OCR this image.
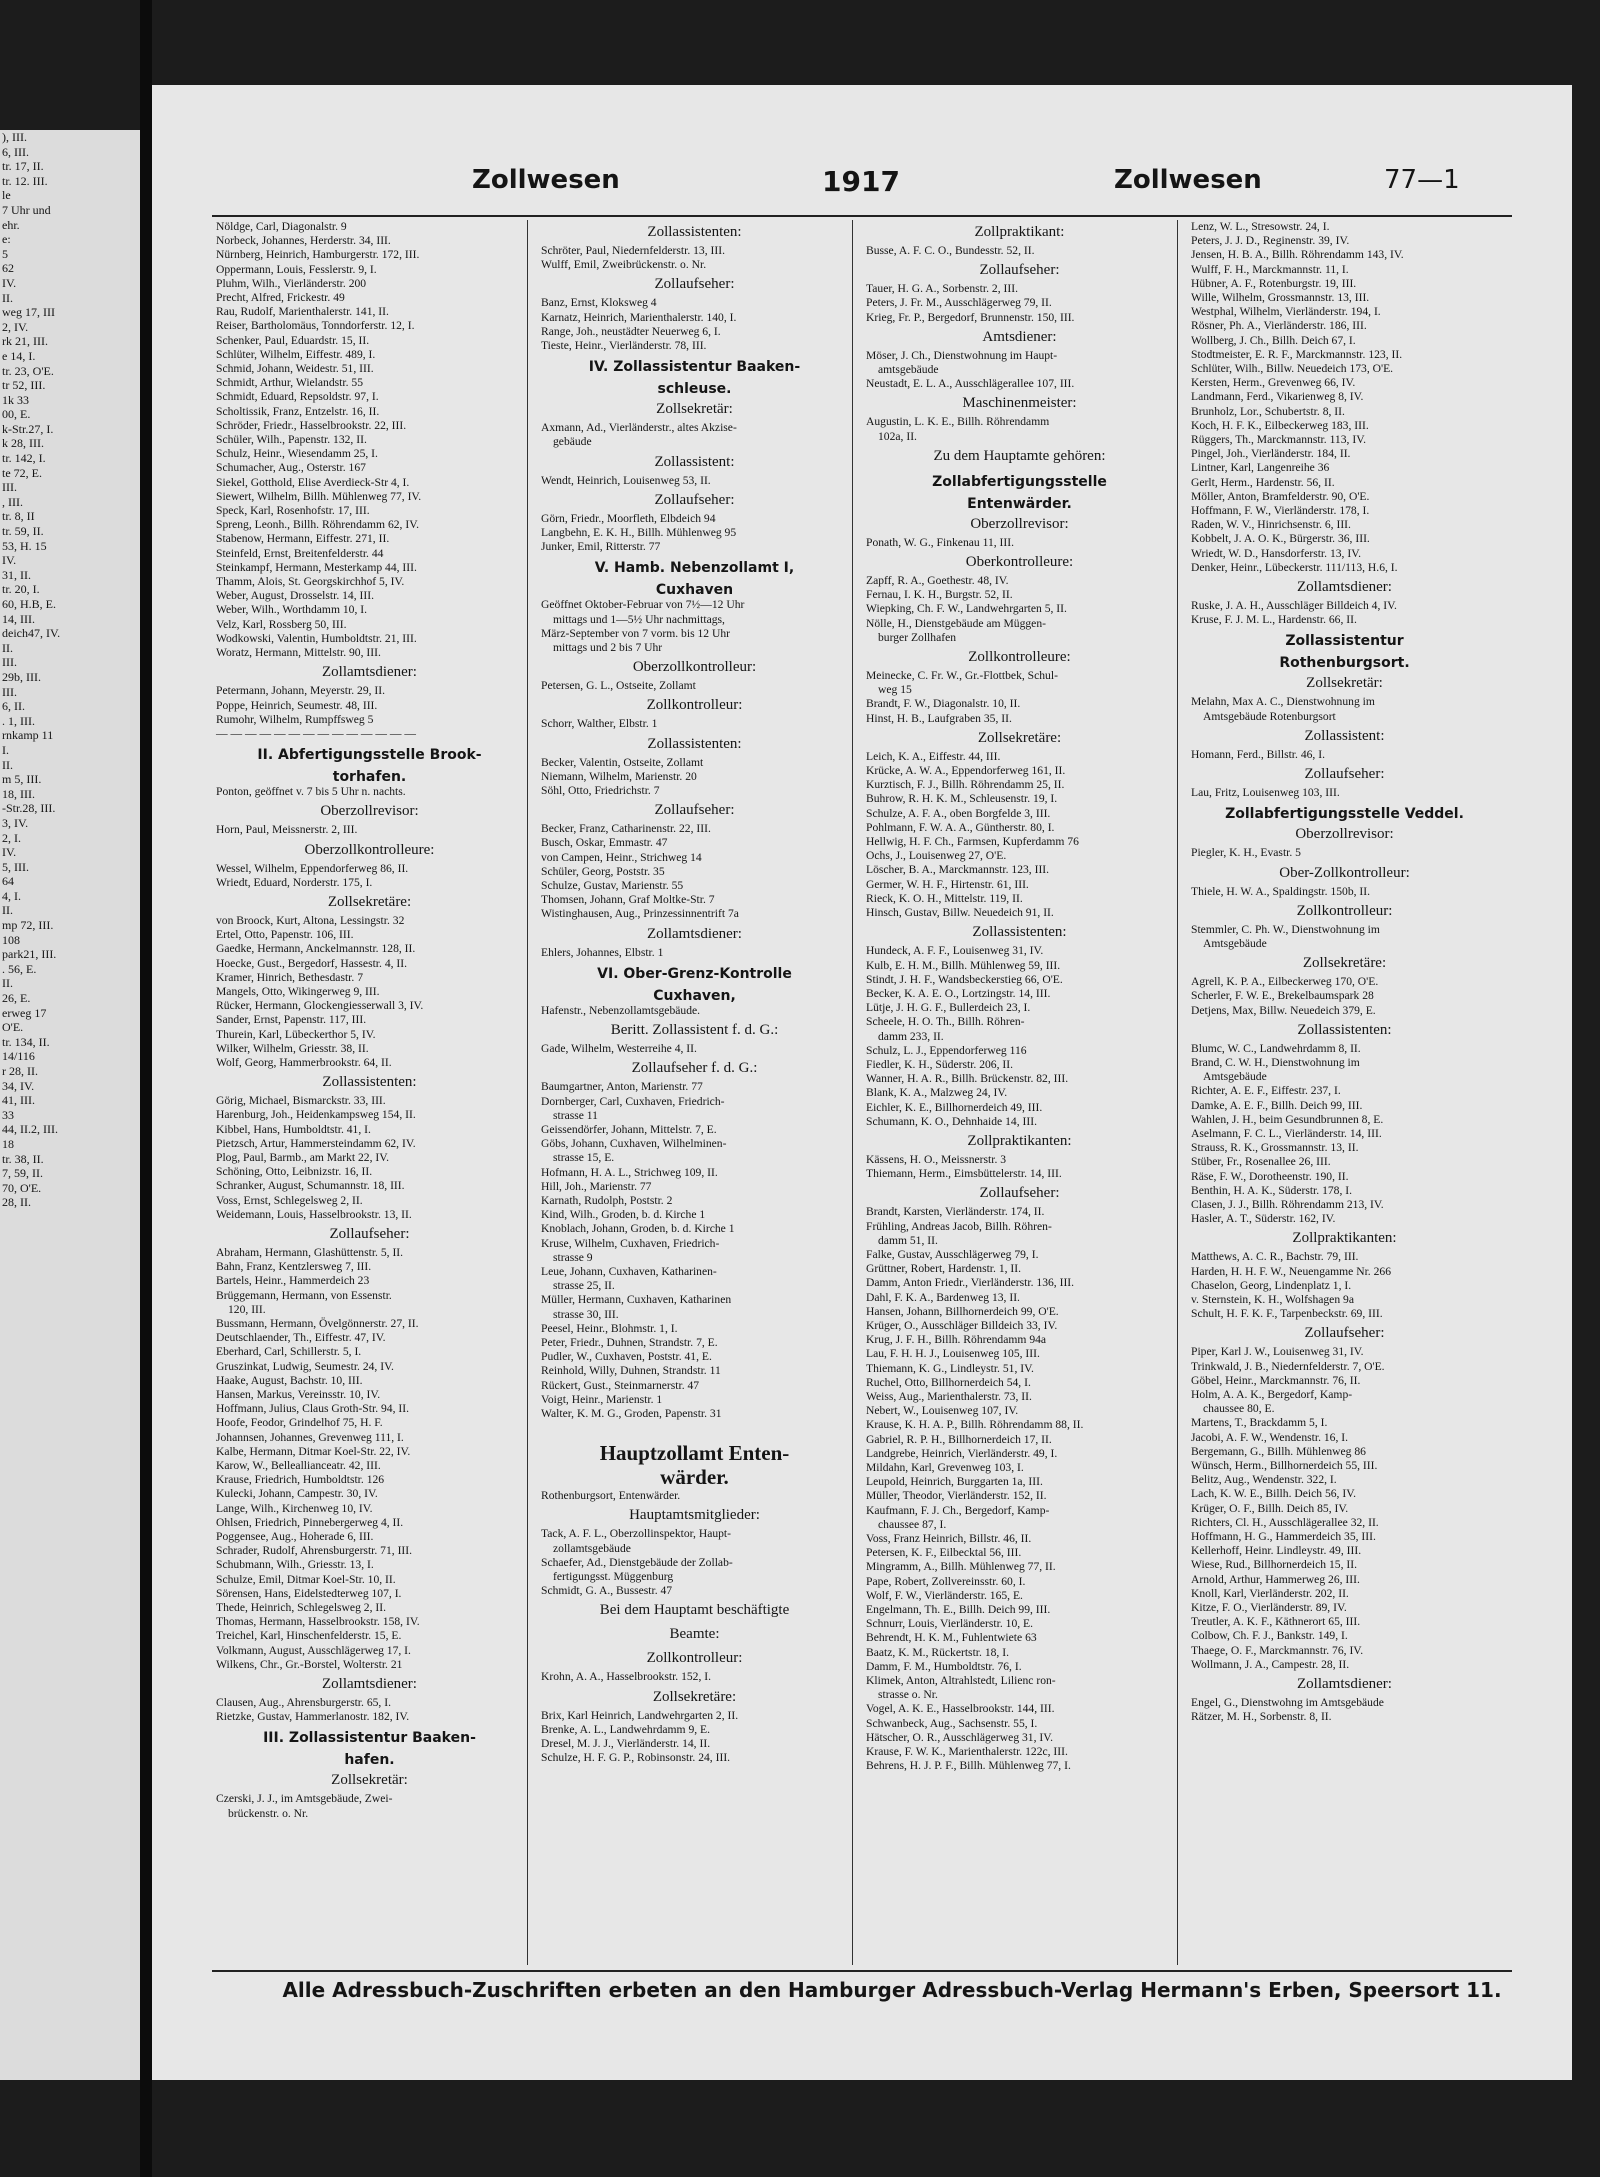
), III.
6, III.
tr. 17, II.
tr. 12. III.
le
7 Uhr und
ehr.
e:
5
62
IV.
II.
weg 17, III
2, IV.
rk 21, III.
e 14, I.
tr. 23, O'E.
tr 52, III.
1k 33
00, E.
k-Str.27, I.
k 28, III.
tr. 142, I.
te 72, E.
III.
, III.
tr. 8, II
tr. 59, II.
53, H. 15
IV.
31, II.
tr. 20, I.
60, H.B, E.
14, III.
deich47, IV.
II.
III.
29b, III.
III.
6, II.
. 1, III.
rnkamp 11
I.
II.
m 5, III.
18, III.
-Str.28, III.
3, IV.
2, I.
IV.
5, III.
64
4, I.
II.
mp 72, III.
108
park21, III.
. 56, E.
II.
26, E.
erweg 17
O'E.
tr. 134, II.
14/116
r 28, II.
34, IV.
41, III.
33
44, II.2, III.
18
tr. 38, II.
7, 59, II.
70, O'E.
28, II.
Zollwesen	1917	Zollwesen	77—1
Nöldge, Carl, Diagonalstr. 9
Norbeck, Johannes, Herderstr. 34, III.
Nürnberg, Heinrich, Hamburgerstr. 172, III.
Oppermann, Louis, Fesslerstr. 9, I.
Pluhm, Wilh., Vierländerstr. 200
Precht, Alfred, Frickestr. 49
Rau, Rudolf, Marienthalerstr. 141, II.
Reiser, Bartholomäus, Tonndorferstr. 12, I.
Schenker, Paul, Eduardstr. 15, II.
Schlüter, Wilhelm, Eiffestr. 489, I.
Schmid, Johann, Weidestr. 51, III.
Schmidt, Arthur, Wielandstr. 55
Schmidt, Eduard, Repsoldstr. 97, I.
Scholtissik, Franz, Entzelstr. 16, II.
Schröder, Friedr., Hasselbrookstr. 22, III.
Schüler, Wilh., Papenstr. 132, II.
Schulz, Heinr., Wiesendamm 25, I.
Schumacher, Aug., Osterstr. 167
Siekel, Gotthold, Elise Averdieck-Str 4, I.
Siewert, Wilhelm, Billh. Mühlenweg 77, IV.
Speck, Karl, Rosenhofstr. 17, III.
Spreng, Leonh., Billh. Röhrendamm 62, IV.
Stabenow, Hermann, Eiffestr. 271, II.
Steinfeld, Ernst, Breitenfelderstr. 44
Steinkampf, Hermann, Mesterkamp 44, III.
Thamm, Alois, St. Georgskirchhof 5, IV.
Weber, August, Drosselstr. 14, III.
Weber, Wilh., Worthdamm 10, I.
Velz, Karl, Rossberg 50, III.
Wodkowski, Valentin, Humboldtstr. 21, III.
Woratz, Hermann, Mittelstr. 90, III.
Zollamtsdiener:
Petermann, Johann, Meyerstr. 29, II.
Poppe, Heinrich, Seumestr. 48, III.
Rumohr, Wilhelm, Rumpffsweg 5
— — — — — — — — — — — — — —
II. Abfertigungsstelle Brook-
torhafen.
Ponton, geöffnet v. 7 bis 5 Uhr n. nachts.
Oberzollrevisor:
Horn, Paul, Meissnerstr. 2, III.
Oberzollkontrolleure:
Wessel, Wilhelm, Eppendorferweg 86, II.
Wriedt, Eduard, Norderstr. 175, I.
Zollsekretäre:
von Broock, Kurt, Altona, Lessingstr. 32
Ertel, Otto, Papenstr. 106, III.
Gaedke, Hermann, Anckelmannstr. 128, II.
Hoecke, Gust., Bergedorf, Hassestr. 4, II.
Kramer, Hinrich, Bethesdastr. 7
Mangels, Otto, Wikingerweg 9, III.
Rücker, Hermann, Glockengiesserwall 3, IV.
Sander, Ernst, Papenstr. 117, III.
Thurein, Karl, Lübeckerthor 5, IV.
Wilker, Wilhelm, Griesstr. 38, II.
Wolf, Georg, Hammerbrookstr. 64, II.
Zollassistenten:
Görig, Michael, Bismarckstr. 33, III.
Harenburg, Joh., Heidenkampsweg 154, II.
Kibbel, Hans, Humboldtstr. 41, I.
Pietzsch, Artur, Hammersteindamm 62, IV.
Plog, Paul, Barmb., am Markt 22, IV.
Schöning, Otto, Leibnizstr. 16, II.
Schranker, August, Schumannstr. 18, III.
Voss, Ernst, Schlegelsweg 2, II.
Weidemann, Louis, Hasselbrookstr. 13, II.
Zollaufseher:
Abraham, Hermann, Glashüttenstr. 5, II.
Bahn, Franz, Kentzlersweg 7, III.
Bartels, Heinr., Hammerdeich 23
Brüggemann, Hermann, von Essenstr.
120, III.
Bussmann, Hermann, Övelgönnerstr. 27, II.
Deutschlaender, Th., Eiffestr. 47, IV.
Eberhard, Carl, Schillerstr. 5, I.
Gruszinkat, Ludwig, Seumestr. 24, IV.
Haake, August, Bachstr. 10, III.
Hansen, Markus, Vereinsstr. 10, IV.
Hoffmann, Julius, Claus Groth-Str. 94, II.
Hoofe, Feodor, Grindelhof 75, H. F.
Johannsen, Johannes, Grevenweg 111, I.
Kalbe, Hermann, Ditmar Koel-Str. 22, IV.
Karow, W., Belleallianceatr. 42, III.
Krause, Friedrich, Humboldtstr. 126
Kulecki, Johann, Campestr. 30, IV.
Lange, Wilh., Kirchenweg 10, IV.
Ohlsen, Friedrich, Pinnebergerweg 4, II.
Poggensee, Aug., Hoherade 6, III.
Schrader, Rudolf, Ahrensburgerstr. 71, III.
Schubmann, Wilh., Griesstr. 13, I.
Schulze, Emil, Ditmar Koel-Str. 10, II.
Sörensen, Hans, Eidelstedterweg 107, I.
Thede, Heinrich, Schlegelsweg 2, II.
Thomas, Hermann, Hasselbrookstr. 158, IV.
Treichel, Karl, Hinschenfelderstr. 15, E.
Volkmann, August, Ausschlägerweg 17, I.
Wilkens, Chr., Gr.-Borstel, Wolterstr. 21
Zollamtsdiener:
Clausen, Aug., Ahrensburgerstr. 65, I.
Rietzke, Gustav, Hammerlanostr. 182, IV.
III. Zollassistentur Baaken-
hafen.
Zollsekretär:
Czerski, J. J., im Amtsgebäude, Zwei-
brückenstr. o. Nr.
Zollassistenten:
Schröter, Paul, Niedernfelderstr. 13, III.
Wulff, Emil, Zweibrückenstr. o. Nr.
Zollaufseher:
Banz, Ernst, Kloksweg 4
Karnatz, Heinrich, Marienthalerstr. 140, I.
Range, Joh., neustädter Neuerweg 6, I.
Tieste, Heinr., Vierländerstr. 78, III.
IV. Zollassistentur Baaken-
schleuse.
Zollsekretär:
Axmann, Ad., Vierländerstr., altes Akzise-
gebäude
Zollassistent:
Wendt, Heinrich, Louisenweg 53, II.
Zollaufseher:
Görn, Friedr., Moorfleth, Elbdeich 94
Langbehn, E. K. H., Billh. Mühlenweg 95
Junker, Emil, Ritterstr. 77
V. Hamb. Nebenzollamt I,
Cuxhaven
Geöffnet Oktober-Februar von 7½—12 Uhr
mittags und 1—5½ Uhr nachmittags,
März-September von 7 vorm. bis 12 Uhr
mittags und 2 bis 7 Uhr
Oberzollkontrolleur:
Petersen, G. L., Ostseite, Zollamt
Zollkontrolleur:
Schorr, Walther, Elbstr. 1
Zollassistenten:
Becker, Valentin, Ostseite, Zollamt
Niemann, Wilhelm, Marienstr. 20
Söhl, Otto, Friedrichstr. 7
Zollaufseher:
Becker, Franz, Catharinenstr. 22, III.
Busch, Oskar, Emmastr. 47
von Campen, Heinr., Strichweg 14
Schüler, Georg, Poststr. 35
Schulze, Gustav, Marienstr. 55
Thomsen, Johann, Graf Moltke-Str. 7
Wistinghausen, Aug., Prinzessinnentrift 7a
Zollamtsdiener:
Ehlers, Johannes, Elbstr. 1
VI. Ober-Grenz-Kontrolle
Cuxhaven,
Hafenstr., Nebenzollamtsgebäude.
Beritt. Zollassistent f. d. G.:
Gade, Wilhelm, Westerreihe 4, II.
Zollaufseher f. d. G.:
Baumgartner, Anton, Marienstr. 77
Dornberger, Carl, Cuxhaven, Friedrich-
strasse 11
Geissendörfer, Johann, Mittelstr. 7, E.
Göbs, Johann, Cuxhaven, Wilhelminen-
strasse 15, E.
Hofmann, H. A. L., Strichweg 109, II.
Hill, Joh., Marienstr. 77
Karnath, Rudolph, Poststr. 2
Kind, Wilh., Groden, b. d. Kirche 1
Knoblach, Johann, Groden, b. d. Kirche 1
Kruse, Wilhelm, Cuxhaven, Friedrich-
strasse 9
Leue, Johann, Cuxhaven, Katharinen-
strasse 25, II.
Müller, Hermann, Cuxhaven, Katharinen
strasse 30, III.
Peesel, Heinr., Blohmstr. 1, I.
Peter, Friedr., Duhnen, Strandstr. 7, E.
Pudler, W., Cuxhaven, Poststr. 41, E.
Reinhold, Willy, Duhnen, Strandstr. 11
Rückert, Gust., Steinmarnerstr. 47
Voigt, Heinr., Marienstr. 1
Walter, K. M. G., Groden, Papenstr. 31
Hauptzollamt Enten-
wärder.
Rothenburgsort, Entenwärder.
Hauptamtsmitglieder:
Tack, A. F. L., Oberzollinspektor, Haupt-
zollamtsgebäude
Schaefer, Ad., Dienstgebäude der Zollab-
fertigungsst. Müggenburg
Schmidt, G. A., Bussestr. 47
Bei dem Hauptamt beschäftigte
Beamte:
Zollkontrolleur:
Krohn, A. A., Hasselbrookstr. 152, I.
Zollsekretäre:
Brix, Karl Heinrich, Landwehrgarten 2, II.
Brenke, A. L., Landwehrdamm 9, E.
Dresel, M. J. J., Vierländerstr. 14, II.
Schulze, H. F. G. P., Robinsonstr. 24, III.
Zollpraktikant:
Busse, A. F. C. O., Bundesstr. 52, II.
Zollaufseher:
Tauer, H. G. A., Sorbenstr. 2, III.
Peters, J. Fr. M., Ausschlägerweg 79, II.
Krieg, Fr. P., Bergedorf, Brunnenstr. 150, III.
Amtsdiener:
Möser, J. Ch., Dienstwohnung im Haupt-
amtsgebäude
Neustadt, E. L. A., Ausschlägerallee 107, III.
Maschinenmeister:
Augustin, L. K. E., Billh. Röhrendamm
102a, II.
Zu dem Hauptamte gehören:
Zollabfertigungsstelle
Entenwärder.
Oberzollrevisor:
Ponath, W. G., Finkenau 11, III.
Oberkontrolleure:
Zapff, R. A., Goethestr. 48, IV.
Fernau, I. K. H., Burgstr. 52, II.
Wiepking, Ch. F. W., Landwehrgarten 5, II.
Nölle, H., Dienstgebäude am Müggen-
burger Zollhafen
Zollkontrolleure:
Meinecke, C. Fr. W., Gr.-Flottbek, Schul-
weg 15
Brandt, F. W., Diagonalstr. 10, II.
Hinst, H. B., Laufgraben 35, II.
Zollsekretäre:
Leich, K. A., Eiffestr. 44, III.
Krücke, A. W. A., Eppendorferweg 161, II.
Kurztisch, F. J., Billh. Röhrendamm 25, II.
Buhrow, R. H. K. M., Schleusenstr. 19, I.
Schulze, A. F. A., oben Borgfelde 3, III.
Pohlmann, F. W. A. A., Güntherstr. 80, I.
Hellwig, H. F. Ch., Farmsen, Kupferdamm 76
Ochs, J., Louisenweg 27, O'E.
Löscher, B. A., Marckmannstr. 123, III.
Germer, W. H. F., Hirtenstr. 61, III.
Rieck, K. O. H., Mittelstr. 119, II.
Hinsch, Gustav, Billw. Neuedeich 91, II.
Zollassistenten:
Hundeck, A. F. F., Louisenweg 31, IV.
Kulb, E. H. M., Billh. Mühlenweg 59, III.
Stindt, J. H. F., Wandsbeckerstieg 66, O'E.
Becker, K. A. E. O., Lortzingstr. 14, III.
Lütje, J. H. G. F., Bullerdeich 23, I.
Scheele, H. O. Th., Billh. Röhren-
damm 233, II.
Schulz, L. J., Eppendorferweg 116
Fiedler, K. H., Süderstr. 206, II.
Wanner, H. A. R., Billh. Brückenstr. 82, III.
Blank, K. A., Malzweg 24, IV.
Eichler, K. E., Billhornerdeich 49, III.
Schumann, K. O., Dehnhaide 14, III.
Zollpraktikanten:
Kässens, H. O., Meissnerstr. 3
Thiemann, Herm., Eimsbüttelerstr. 14, III.
Zollaufseher:
Brandt, Karsten, Vierländerstr. 174, II.
Frühling, Andreas Jacob, Billh. Röhren-
damm 51, II.
Falke, Gustav, Ausschlägerweg 79, I.
Grüttner, Robert, Hardenstr. 1, II.
Damm, Anton Friedr., Vierländerstr. 136, III.
Dahl, F. K. A., Bardenweg 13, II.
Hansen, Johann, Billhornerdeich 99, O'E.
Krüger, O., Ausschläger Billdeich 33, IV.
Krug, J. F. H., Billh. Röhrendamm 94a
Lau, F. H. H. J., Louisenweg 105, III.
Thiemann, K. G., Lindleystr. 51, IV.
Ruchel, Otto, Billhornerdeich 54, I.
Weiss, Aug., Marienthalerstr. 73, II.
Nebert, W., Louisenweg 107, IV.
Krause, K. H. A. P., Billh. Röhrendamm 88, II.
Gabriel, R. P. H., Billhornerdeich 17, II.
Landgrebe, Heinrich, Vierländerstr. 49, I.
Mildahn, Karl, Grevenweg 103, I.
Leupold, Heinrich, Burggarten 1a, III.
Müller, Theodor, Vierländerstr. 152, II.
Kaufmann, F. J. Ch., Bergedorf, Kamp-
chaussee 87, I.
Voss, Franz Heinrich, Billstr. 46, II.
Petersen, K. F., Eilbecktal 56, III.
Mingramm, A., Billh. Mühlenweg 77, II.
Pape, Robert, Zollvereinsstr. 60, I.
Wolf, F. W., Vierländerstr. 165, E.
Engelmann, Th. E., Billh. Deich 99, III.
Schnurr, Louis, Vierländerstr. 10, E.
Behrendt, H. K. M., Fuhlentwiete 63
Baatz, K. M., Rückertstr. 18, I.
Damm, F. M., Humboldtstr. 76, I.
Klimek, Anton, Altrahlstedt, Lilienc ron-
strasse o. Nr.
Vogel, A. K. E., Hasselbrookstr. 144, III.
Schwanbeck, Aug., Sachsenstr. 55, I.
Hätscher, O. R., Ausschlägerweg 31, IV.
Krause, F. W. K., Marienthalerstr. 122c, III.
Behrens, H. J. P. F., Billh. Mühlenweg 77, I.
Lenz, W. L., Stresowstr. 24, I.
Peters, J. J. D., Reginenstr. 39, IV.
Jensen, H. B. A., Billh. Röhrendamm 143, IV.
Wulff, F. H., Marckmannstr. 11, I.
Hübner, A. F., Rotenburgstr. 19, III.
Wille, Wilhelm, Grossmannstr. 13, III.
Westphal, Wilhelm, Vierländerstr. 194, I.
Rösner, Ph. A., Vierländerstr. 186, III.
Wollberg, J. Ch., Billh. Deich 67, I.
Stodtmeister, E. R. F., Marckmannstr. 123, II.
Schlüter, Wilh., Billw. Neuedeich 173, O'E.
Kersten, Herm., Grevenweg 66, IV.
Landmann, Ferd., Vikarienweg 8, IV.
Brunholz, Lor., Schubertstr. 8, II.
Koch, H. F. K., Eilbeckerweg 183, III.
Rüggers, Th., Marckmannstr. 113, IV.
Pingel, Joh., Vierländerstr. 184, II.
Lintner, Karl, Langenreihe 36
Gerlt, Herm., Hardenstr. 56, II.
Möller, Anton, Bramfelderstr. 90, O'E.
Hoffmann, F. W., Vierländerstr. 178, I.
Raden, W. V., Hinrichsenstr. 6, III.
Kobbelt, J. A. O. K., Bürgerstr. 36, III.
Wriedt, W. D., Hansdorferstr. 13, IV.
Denker, Heinr., Lübeckerstr. 111/113, H.6, I.
Zollamtsdiener:
Ruske, J. A. H., Ausschläger Billdeich 4, IV.
Kruse, F. J. M. L., Hardenstr. 66, II.
Zollassistentur
Rothenburgsort.
Zollsekretär:
Melahn, Max A. C., Dienstwohnung im
Amtsgebäude Rotenburgsort
Zollassistent:
Homann, Ferd., Billstr. 46, I.
Zollaufseher:
Lau, Fritz, Louisenweg 103, III.
Zollabfertigungsstelle Veddel.
Oberzollrevisor:
Piegler, K. H., Evastr. 5
Ober-Zollkontrolleur:
Thiele, H. W. A., Spaldingstr. 150b, II.
Zollkontrolleur:
Stemmler, C. Ph. W., Dienstwohnung im
Amtsgebäude
Zollsekretäre:
Agrell, K. P. A., Eilbeckerweg 170, O'E.
Scherler, F. W. E., Brekelbaumspark 28
Detjens, Max, Billw. Neuedeich 379, E.
Zollassistenten:
Blumc, W. C., Landwehrdamm 8, II.
Brand, C. W. H., Dienstwohnung im
Amtsgebäude
Richter, A. E. F., Eiffestr. 237, I.
Damke, A. E. F., Billh. Deich 99, III.
Wahlen, J. H., beim Gesundbrunnen 8, E.
Aselmann, F. C. L., Vierländerstr. 14, III.
Strauss, R. K., Grossmannstr. 13, II.
Stüber, Fr., Rosenallee 26, III.
Räse, F. W., Dorotheenstr. 190, II.
Benthin, H. A. K., Süderstr. 178, I.
Clasen, J. J., Billh. Röhrendamm 213, IV.
Hasler, A. T., Süderstr. 162, IV.
Zollpraktikanten:
Matthews, A. C. R., Bachstr. 79, III.
Harden, H. H. F. W., Neuengamme Nr. 266
Chaselon, Georg, Lindenplatz 1, I.
v. Sternstein, K. H., Wolfshagen 9a
Schult, H. F. K. F., Tarpenbeckstr. 69, III.
Zollaufseher:
Piper, Karl J. W., Louisenweg 31, IV.
Trinkwald, J. B., Niedernfelderstr. 7, O'E.
Göbel, Heinr., Marckmannstr. 76, II.
Holm, A. A. K., Bergedorf, Kamp-
chaussee 80, E.
Martens, T., Brackdamm 5, I.
Jacobi, A. F. W., Wendenstr. 16, I.
Bergemann, G., Billh. Mühlenweg 86
Wünsch, Herm., Billhornerdeich 55, III.
Belitz, Aug., Wendenstr. 322, I.
Lach, K. W. E., Billh. Deich 56, IV.
Krüger, O. F., Billh. Deich 85, IV.
Richters, Cl. H., Ausschlägerallee 32, II.
Hoffmann, H. G., Hammerdeich 35, III.
Kellerhoff, Heinr. Lindleystr. 49, III.
Wiese, Rud., Billhornerdeich 15, II.
Arnold, Arthur, Hammerweg 26, III.
Knoll, Karl, Vierländerstr. 202, II.
Kitze, F. O., Vierländerstr. 89, IV.
Treutler, A. K. F., Käthnerort 65, III.
Colbow, Ch. F. J., Bankstr. 149, I.
Thaege, O. F., Marckmannstr. 76, IV.
Wollmann, J. A., Campestr. 28, II.
Zollamtsdiener:
Engel, G., Dienstwohng im Amtsgebäude
Rätzer, M. H., Sorbenstr. 8, II.
Alle Adressbuch-Zuschriften erbeten an den Hamburger Adressbuch-Verlag Hermann's Erben, Speersort 11.
